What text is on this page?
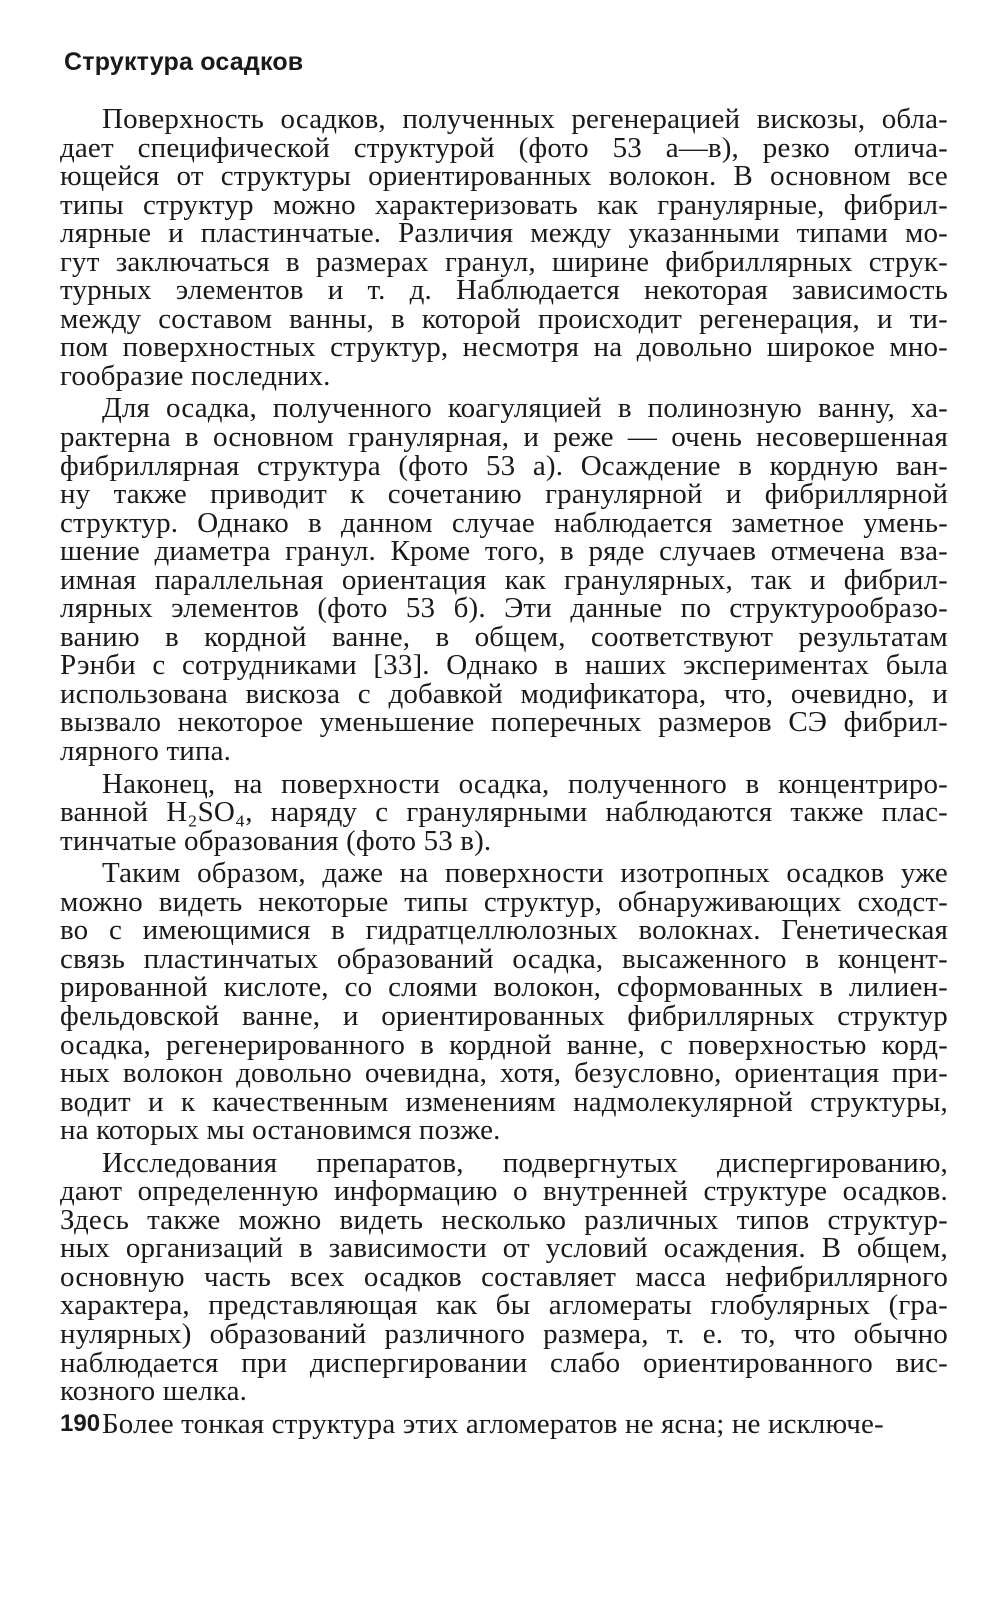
Структура осадков
Поверхность осадков, полученных регенерацией вискозы, обла-
дает специфической структурой (фото 53 а—в), резко отлича-
ющейся от структуры ориентированных волокон. В основном все
типы структур можно характеризовать как гранулярные, фибрил-
лярные и пластинчатые. Различия между указанными типами мо-
гут заключаться в размерах гранул, ширине фибриллярных струк-
турных элементов и т. д. Наблюдается некоторая зависимость
между составом ванны, в которой происходит регенерация, и ти-
пом поверхностных структур, несмотря на довольно широкое мно-
гообразие последних.
Для осадка, полученного коагуляцией в полинозную ванну, ха-
рактерна в основном гранулярная, и реже — очень несовершенная
фибриллярная структура (фото 53 а). Осаждение в кордную ван-
ну также приводит к сочетанию гранулярной и фибриллярной
структур. Однако в данном случае наблюдается заметное умень-
шение диаметра гранул. Кроме того, в ряде случаев отмечена вза-
имная параллельная ориентация как гранулярных, так и фибрил-
лярных элементов (фото 53 б). Эти данные по структурообразо-
ванию в кордной ванне, в общем, соответствуют результатам
Рэнби с сотрудниками [33]. Однако в наших экспериментах была
использована вискоза с добавкой модификатора, что, очевидно, и
вызвало некоторое уменьшение поперечных размеров СЭ фибрил-
лярного типа.
Наконец, на поверхности осадка, полученного в концентриро-
ванной H₂SO₄, наряду с гранулярными наблюдаются также плас-
тинчатые образования (фото 53 в).
Таким образом, даже на поверхности изотропных осадков уже
можно видеть некоторые типы структур, обнаруживающих сходст-
во с имеющимися в гидратцеллюлозных волокнах. Генетическая
связь пластинчатых образований осадка, высаженного в концент-
рированной кислоте, со слоями волокон, сформованных в лилиен-
фельдовской ванне, и ориентированных фибриллярных структур
осадка, регенерированного в кордной ванне, с поверхностью корд-
ных волокон довольно очевидна, хотя, безусловно, ориентация при-
водит и к качественным изменениям надмолекулярной структуры,
на которых мы остановимся позже.
Исследования препаратов, подвергнутых диспергированию,
дают определенную информацию о внутренней структуре осадков.
Здесь также можно видеть несколько различных типов структур-
ных организаций в зависимости от условий осаждения. В общем,
основную часть всех осадков составляет масса нефибриллярного
характера, представляющая как бы агломераты глобулярных (гра-
нулярных) образований различного размера, т. е. то, что обычно
наблюдается при диспергировании слабо ориентированного вис-
козного шелка.
Более тонкая структура этих агломератов не ясна; не исключе-
190
